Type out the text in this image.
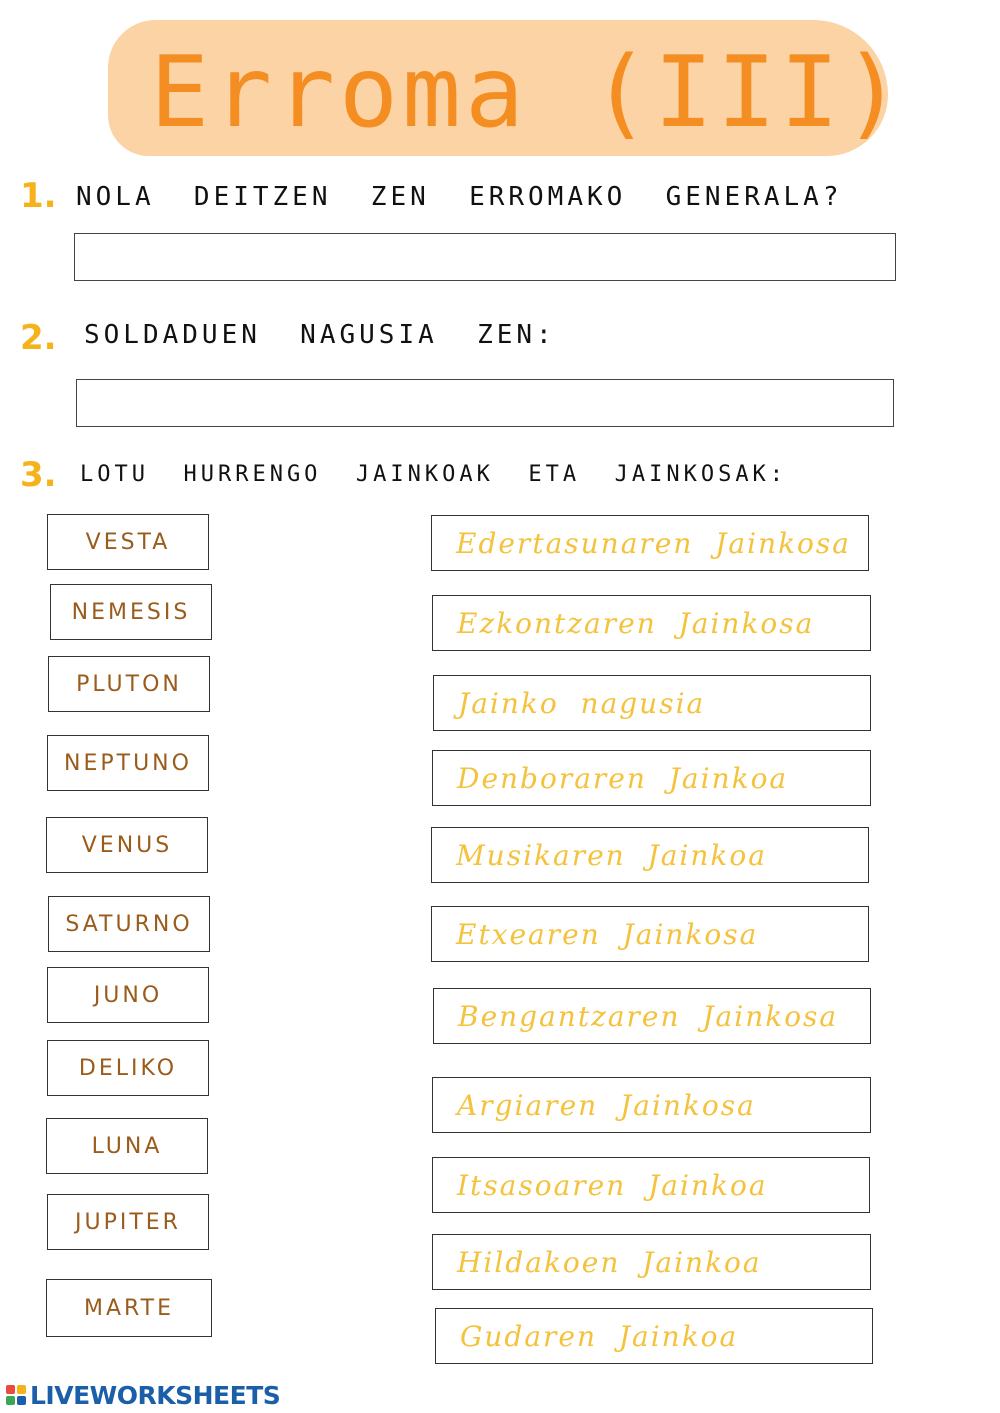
Erroma (III)
1. NOLA  DEITZEN  ZEN  ERROMAKO  GENERALA?
2. SOLDADUEN  NAGUSIA  ZEN:
3. LOTU  HURRENGO  JAINKOAK  ETA  JAINKOSAK:
VESTA
NEMESIS
PLUTON
NEPTUNO
VENUS
SATURNO
JUNO
DELIKO
LUNA
JUPITER
MARTE
Edertasunaren  Jainkosa
Ezkontzaren  Jainkosa
Jainko  nagusia
Denboraren  Jainkoa
Musikaren  Jainkoa
Etxearen  Jainkosa
Bengantzaren  Jainkosa
Argiaren  Jainkosa
Itsasoaren  Jainkoa
Hildakoen  Jainkoa
Gudaren  Jainkoa
LIVEWORKSHEETS
